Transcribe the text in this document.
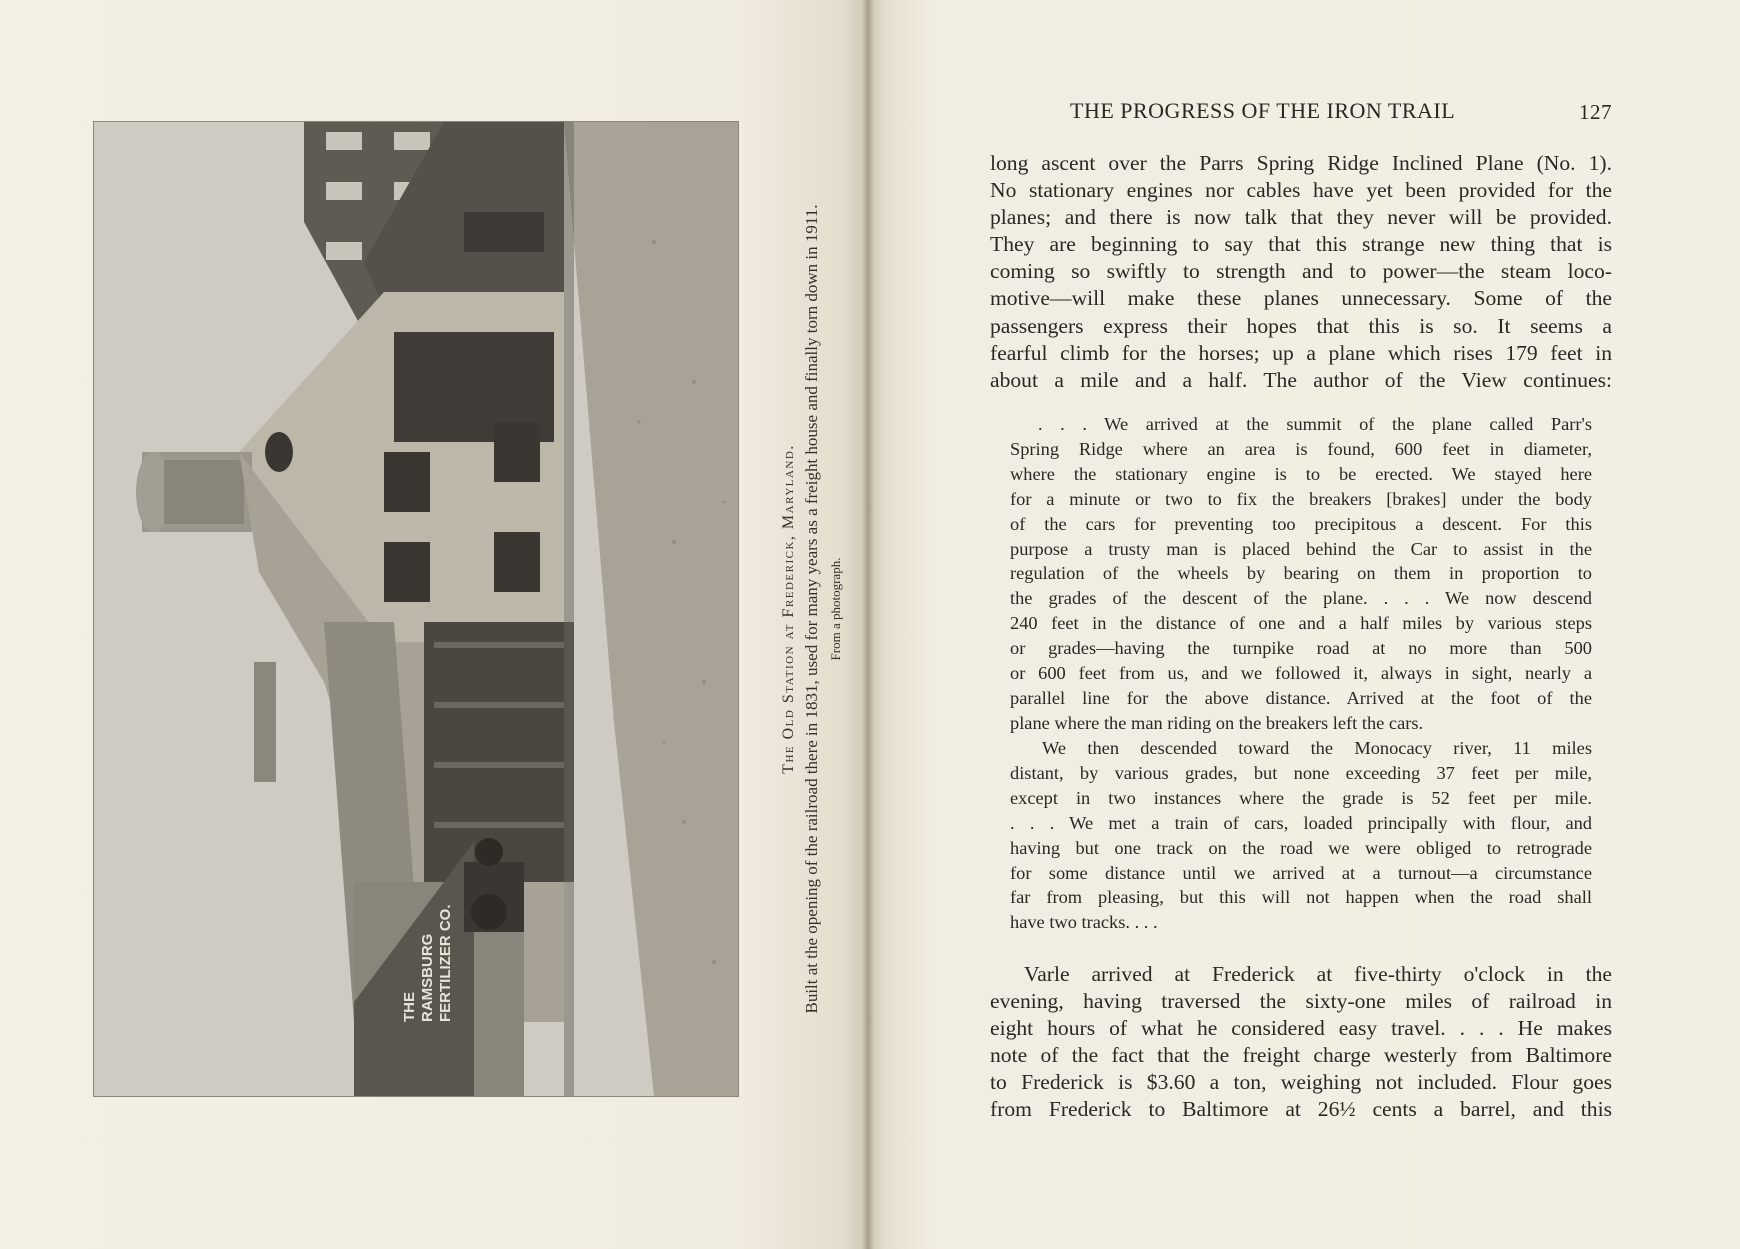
THE RAMSBURG FERTILIZER CO.
The Old Station at Frederick, Maryland. Built at the opening of the railroad there in 1831, used for many years as a freight house and finally torn down in 1911. From a photograph.
THE PROGRESS OF THE IRON TRAIL	127
long ascent over the Parrs Spring Ridge Inclined Plane (No. 1).
No stationary engines nor cables have yet been provided for the
planes; and there is now talk that they never will be provided.
They are beginning to say that this strange new thing that is
coming so swiftly to strength and to power—the steam loco-
motive—will make these planes unnecessary. Some of the
passengers express their hopes that this is so. It seems a
fearful climb for the horses; up a plane which rises 179 feet in
about a mile and a half. The author of the View continues:
. . . We arrived at the summit of the plane called Parr's
Spring Ridge where an area is found, 600 feet in diameter,
where the stationary engine is to be erected. We stayed here
for a minute or two to fix the breakers [brakes] under the body
of the cars for preventing too precipitous a descent. For this
purpose a trusty man is placed behind the Car to assist in the
regulation of the wheels by bearing on them in proportion to
the grades of the descent of the plane. . . . We now descend
240 feet in the distance of one and a half miles by various steps
or grades—having the turnpike road at no more than 500
or 600 feet from us, and we followed it, always in sight, nearly a
parallel line for the above distance. Arrived at the foot of the
plane where the man riding on the breakers left the cars.
We then descended toward the Monocacy river, 11 miles
distant, by various grades, but none exceeding 37 feet per mile,
except in two instances where the grade is 52 feet per mile.
. . . We met a train of cars, loaded principally with flour, and
having but one track on the road we were obliged to retrograde
for some distance until we arrived at a turnout—a circumstance
far from pleasing, but this will not happen when the road shall
have two tracks. . . .
Varle arrived at Frederick at five-thirty o'clock in the
evening, having traversed the sixty-one miles of railroad in
eight hours of what he considered easy travel. . . . He makes
note of the fact that the freight charge westerly from Baltimore
to Frederick is $3.60 a ton, weighing not included. Flour goes
from Frederick to Baltimore at 26½ cents a barrel, and this
